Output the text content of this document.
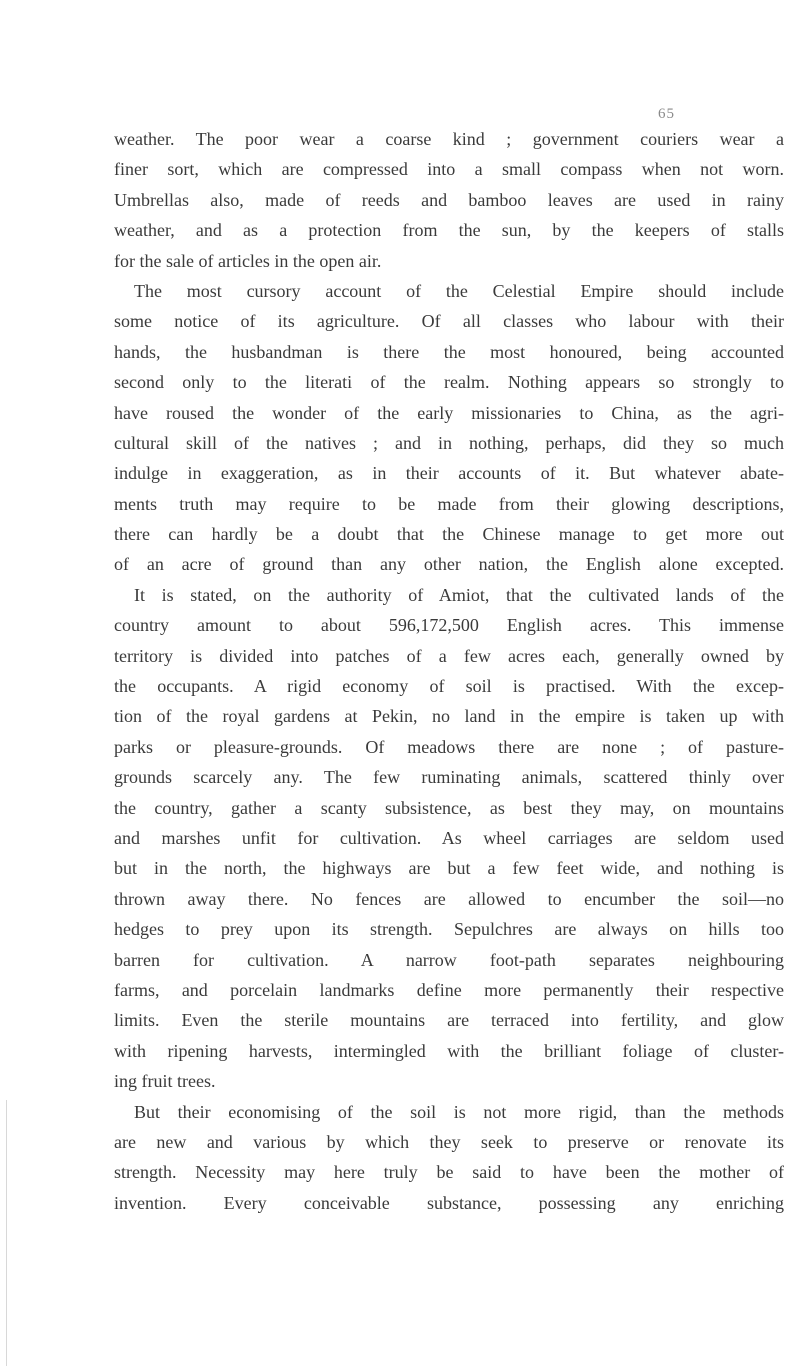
65
weather. The poor wear a coarse kind ; government couriers wear a
finer sort, which are compressed into a small compass when not worn.
Umbrellas also, made of reeds and bamboo leaves are used in rainy
weather, and as a protection from the sun, by the keepers of stalls
for the sale of articles in the open air.
The most cursory account of the Celestial Empire should include
some notice of its agriculture. Of all classes who labour with their
hands, the husbandman is there the most honoured, being accounted
second only to the literati of the realm. Nothing appears so strongly to
have roused the wonder of the early missionaries to China, as the agri-
cultural skill of the natives ; and in nothing, perhaps, did they so much
indulge in exaggeration, as in their accounts of it. But whatever abate-
ments truth may require to be made from their glowing descriptions,
there can hardly be a doubt that the Chinese manage to get more out
of an acre of ground than any other nation, the English alone excepted.
It is stated, on the authority of Amiot, that the cultivated lands of the
country amount to about 596,172,500 English acres. This immense
territory is divided into patches of a few acres each, generally owned by
the occupants. A rigid economy of soil is practised. With the excep-
tion of the royal gardens at Pekin, no land in the empire is taken up with
parks or pleasure-grounds. Of meadows there are none ; of pasture-
grounds scarcely any. The few ruminating animals, scattered thinly over
the country, gather a scanty subsistence, as best they may, on mountains
and marshes unfit for cultivation. As wheel carriages are seldom used
but in the north, the highways are but a few feet wide, and nothing is
thrown away there. No fences are allowed to encumber the soil—no
hedges to prey upon its strength. Sepulchres are always on hills too
barren for cultivation. A narrow foot-path separates neighbouring
farms, and porcelain landmarks define more permanently their respective
limits. Even the sterile mountains are terraced into fertility, and glow
with ripening harvests, intermingled with the brilliant foliage of cluster-
ing fruit trees.
But their economising of the soil is not more rigid, than the methods
are new and various by which they seek to preserve or renovate its
strength. Necessity may here truly be said to have been the mother of
invention. Every conceivable substance, possessing any enriching
